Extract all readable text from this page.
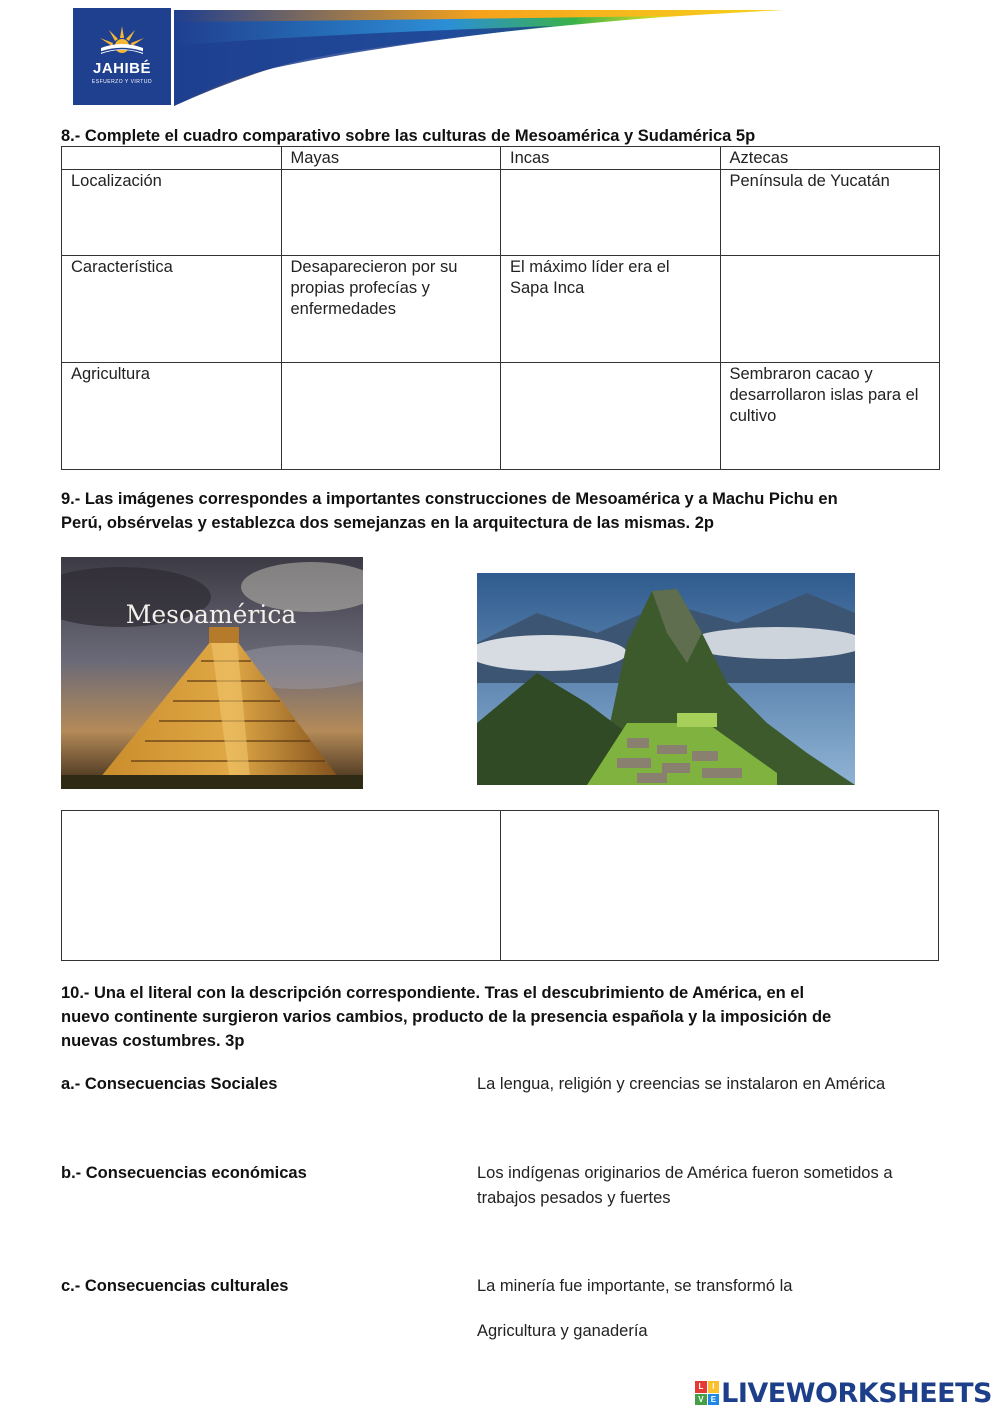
JAHIBÉ
ESFUERZO Y VIRTUD
8.- Complete el cuadro comparativo sobre las culturas de Mesoamérica y Sudamérica 5p
	Mayas	Incas	Aztecas
Localización			Península de Yucatán
Característica	Desaparecieron por su propias profecías y enfermedades	El máximo líder era el Sapa Inca	
Agricultura			Sembraron cacao y desarrollaron islas para el cultivo
9.- Las imágenes correspondes a importantes construcciones de Mesoamérica y a Machu Pichu en
Perú, obsérvelas y establezca dos semejanzas en la arquitectura de las mismas. 2p
Mesoamérica
10.- Una el literal con la descripción correspondiente. Tras el descubrimiento de América, en el
nuevo continente surgieron varios cambios, producto de la presencia española y la imposición de
nuevas costumbres. 3p
a.- Consecuencias Sociales	La lengua, religión y creencias se instalaron en América
b.- Consecuencias económicas	Los indígenas originarios de América fueron sometidos a trabajos pesados y fuertes
c.- Consecuencias culturales	La minería fue importante, se transformó la
Agricultura y ganadería
L	I
V E LIVEWORKSHEETS
